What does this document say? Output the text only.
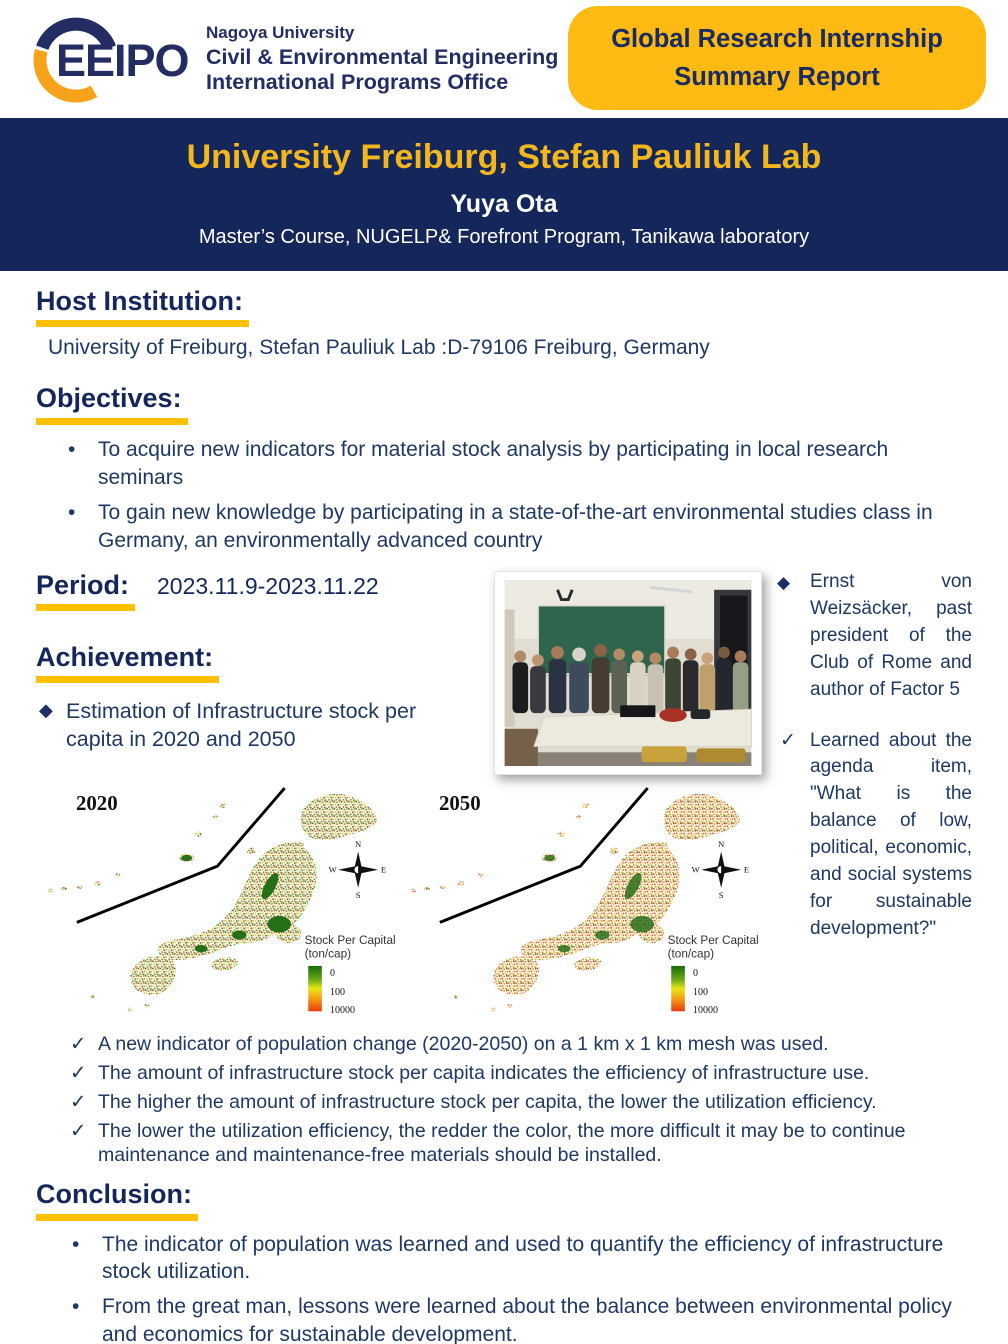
EEIPO
Nagoya University
Civil & Environmental Engineering
International Programs Office
Global Research Internship
Summary Report
University Freiburg, Stefan Pauliuk Lab
Yuya Ota
Master’s Course, NUGELP& Forefront Program, Tanikawa laboratory
Host Institution:
University of Freiburg, Stefan Pauliuk Lab :D-79106 Freiburg, Germany
Objectives:
• To acquire new indicators for material stock analysis by participating in local research seminars
• To gain new knowledge by participating in a state-of-the-art environmental studies class in Germany, an environmentally advanced country
Period: 2023.11.9-2023.11.22
Achievement:
◆ Estimation of Infrastructure stock per capita in 2020 and 2050
2020
N
E
S
W
Stock Per Capital
(ton/cap)
0
100
10000
2050
N
E
S
W
Stock Per Capital
(ton/cap)
0
100
10000
◆ Ernst von Weizsäcker, past president of the Club of Rome and author of Factor 5
✓ Learned about the agenda item, "What is the balance of low, political, economic, and social systems for sustainable development?"
✓ A new indicator of population change (2020-2050) on a 1 km x 1 km mesh was used.
✓ The amount of infrastructure stock per capita indicates the efficiency of infrastructure use.
✓ The higher the amount of infrastructure stock per capita, the lower the utilization efficiency.
✓ The lower the utilization efficiency, the redder the color, the more difficult it may be to continue maintenance and maintenance-free materials should be installed.
Conclusion:
• The indicator of population was learned and used to quantify the efficiency of infrastructure stock utilization.
• From the great man, lessons were learned about the balance between environmental policy and economics for sustainable development.
